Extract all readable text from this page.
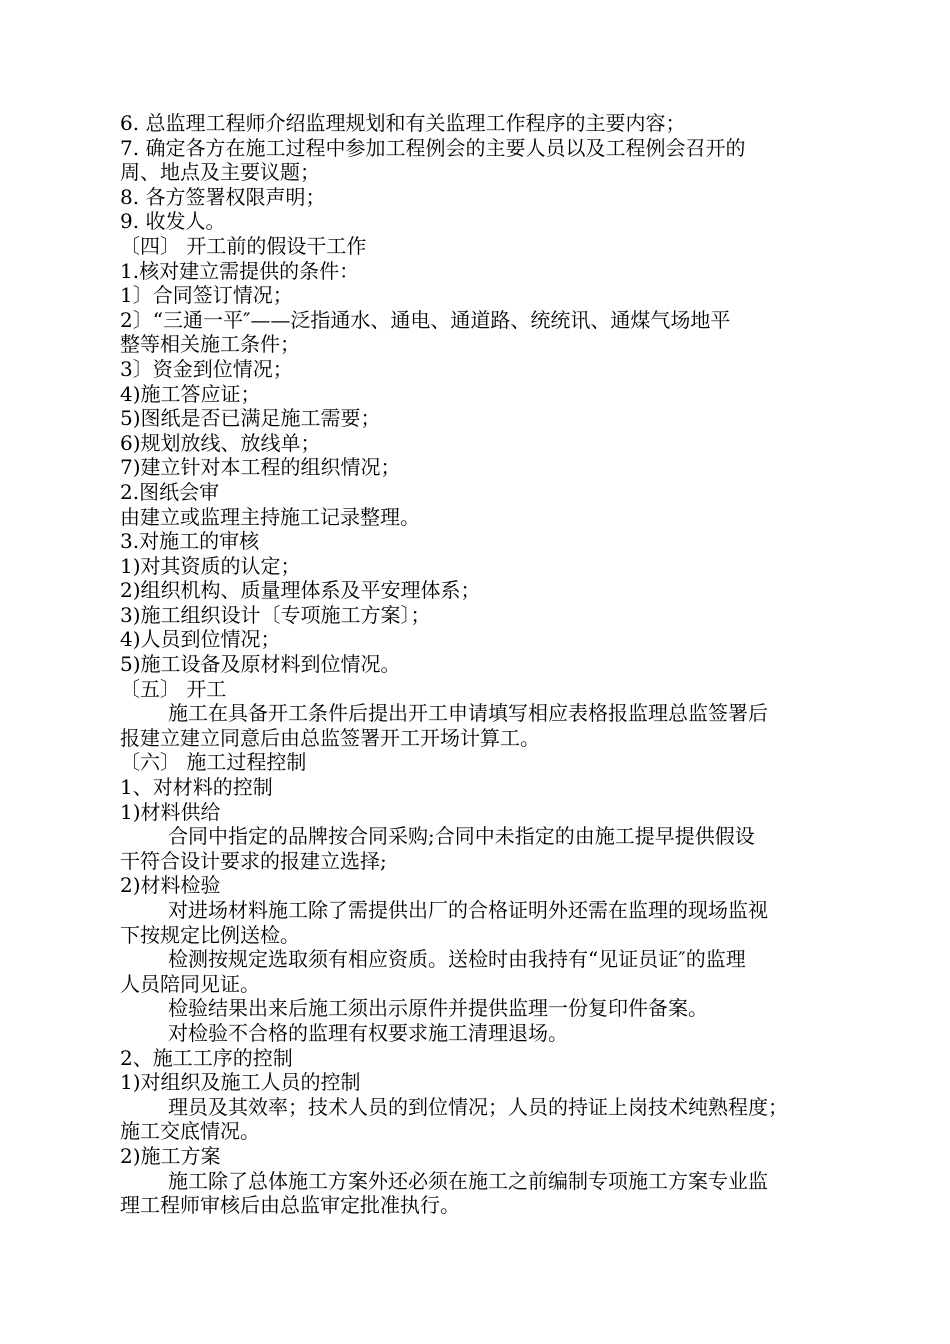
6. 总监理工程师介绍监理规划和有关监理工作程序的主要内容；
7. 确定各方在施工过程中参加工程例会的主要人员以及工程例会召开的
周、地点及主要议题；
8. 各方签署权限声明；
9. 收发人。
〔四〕 开工前的假设干工作
1.核对建立需提供的条件：
1〕合同签订情况；
2〕“三通一平″——泛指通水、通电、通道路、统统讯、通煤气场地平
整等相关施工条件；
3〕资金到位情况；
4)施工答应证；
5)图纸是否已满足施工需要；
6)规划放线、放线单；
7)建立针对本工程的组织情况；
2.图纸会审
由建立或监理主持施工记录整理。
3.对施工的审核
1)对其资质的认定；
2)组织机构、质量理体系及平安理体系；
3)施工组织设计〔专项施工方案〕；
4)人员到位情况；
5)施工设备及原材料到位情况。
〔五〕 开工
施工在具备开工条件后提出开工申请填写相应表格报监理总监签署后
报建立建立同意后由总监签署开工开场计算工。
〔六〕 施工过程控制
1、对材料的控制
1)材料供给
合同中指定的品牌按合同采购;合同中未指定的由施工提早提供假设
干符合设计要求的报建立选择;
2)材料检验
对进场材料施工除了需提供出厂的合格证明外还需在监理的现场监视
下按规定比例送检。
检测按规定选取须有相应资质。送检时由我持有“见证员证″的监理
人员陪同见证。
检验结果出来后施工须出示原件并提供监理一份复印件备案。
对检验不合格的监理有权要求施工清理退场。
2、施工工序的控制
1)对组织及施工人员的控制
理员及其效率；技术人员的到位情况；人员的持证上岗技术纯熟程度；
施工交底情况。
2)施工方案
施工除了总体施工方案外还必须在施工之前编制专项施工方案专业监
理工程师审核后由总监审定批准执行。
